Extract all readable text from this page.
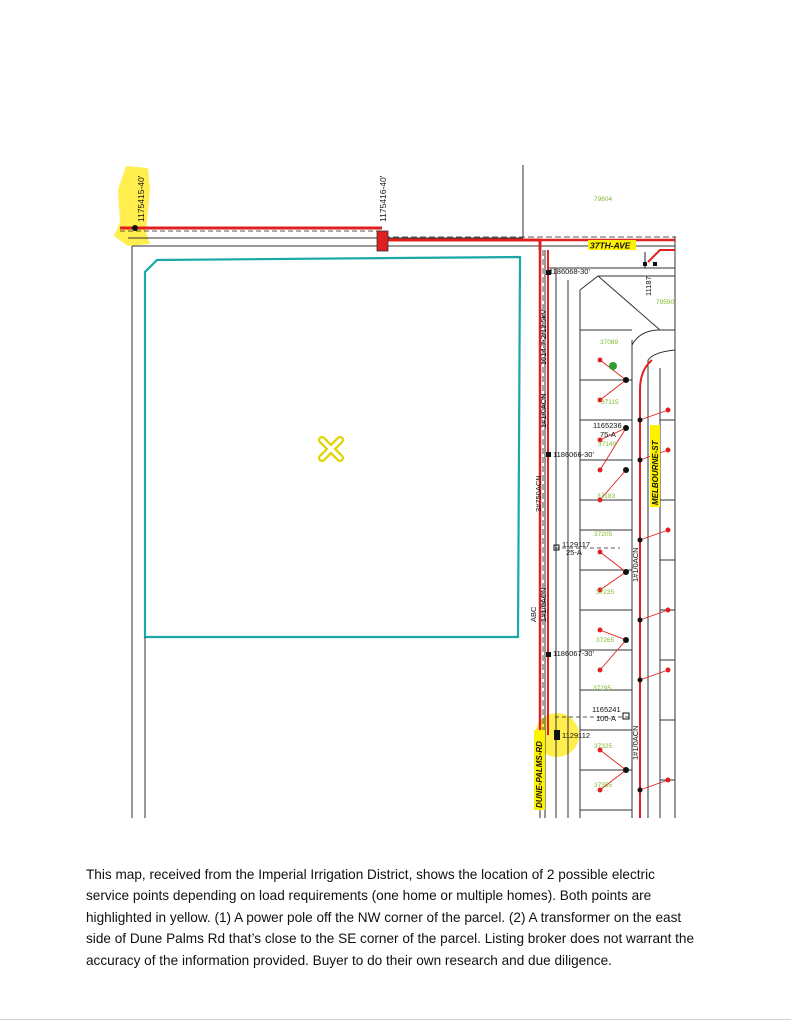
1175415-40'	1175416-40'
37TH-AVE
MELBOURNE-ST
DUNE-PALMS-RD
1186068-30'
11187
1014-7-2/12.5kV
1#1/0ACN	1165236
75-A
1186066-30'
3#750ACN
1129117
25-A	1#1/0ACN
ABC 1#1/0ACN
1186067-30'
1165241
100-A
1129112	1#1/0ACN
79604
79590
37089
37115
37149
37183
37205
37235
37265
37295
37325
37355

This map, received from the Imperial Irrigation District, shows the location of 2 possible electric service points depending on load requirements (one home or multiple homes). Both points are highlighted in yellow. (1) A power pole off the NW corner of the parcel. (2) A transformer on the east side of Dune Palms Rd that’s close to the SE corner of the parcel. Listing broker does not warrant the accuracy of the information provided. Buyer to do their own research and due diligence.
